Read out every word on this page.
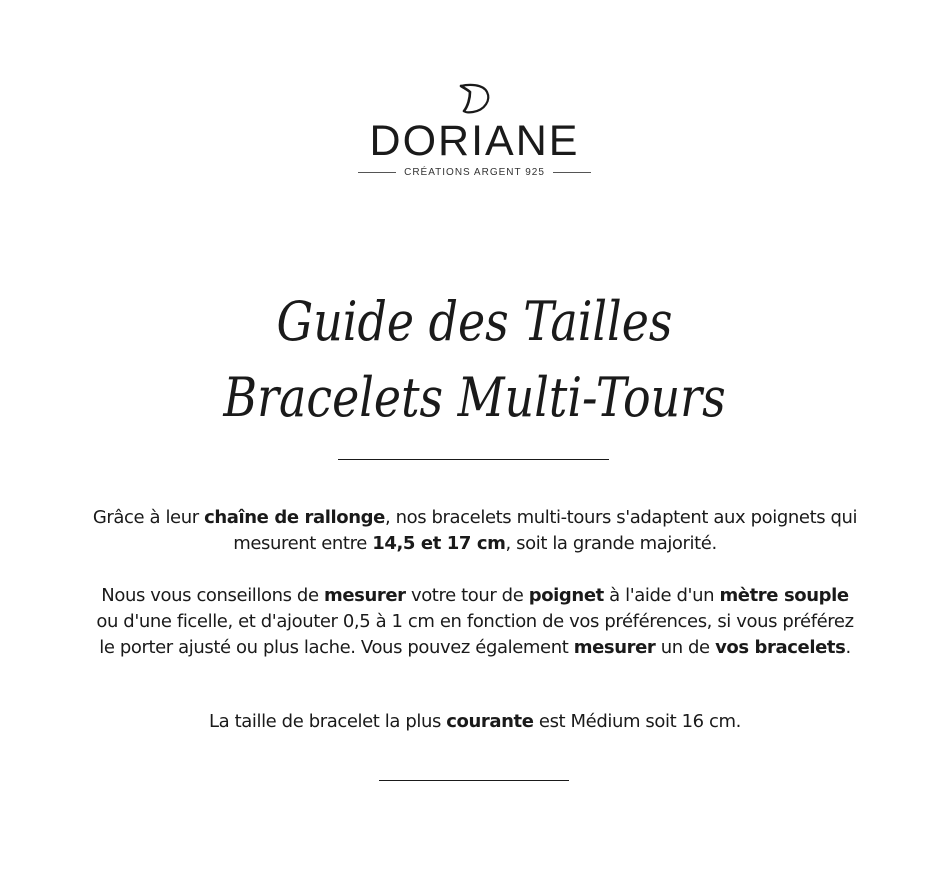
DORIANE
CRÉATIONS ARGENT 925
Guide des Tailles
Bracelets Multi-Tours

Grâce à leur chaîne de rallonge, nos bracelets multi-tours s'adaptent aux poignets qui mesurent entre 14,5 et 17 cm, soit la grande majorité.

Nous vous conseillons de mesurer votre tour de poignet à l'aide d'un mètre souple ou d'une ficelle, et d'ajouter 0,5 à 1 cm en fonction de vos préférences, si vous préférez le porter ajusté ou plus lache. Vous pouvez également mesurer un de vos bracelets.

La taille de bracelet la plus courante est Médium soit 16 cm.
